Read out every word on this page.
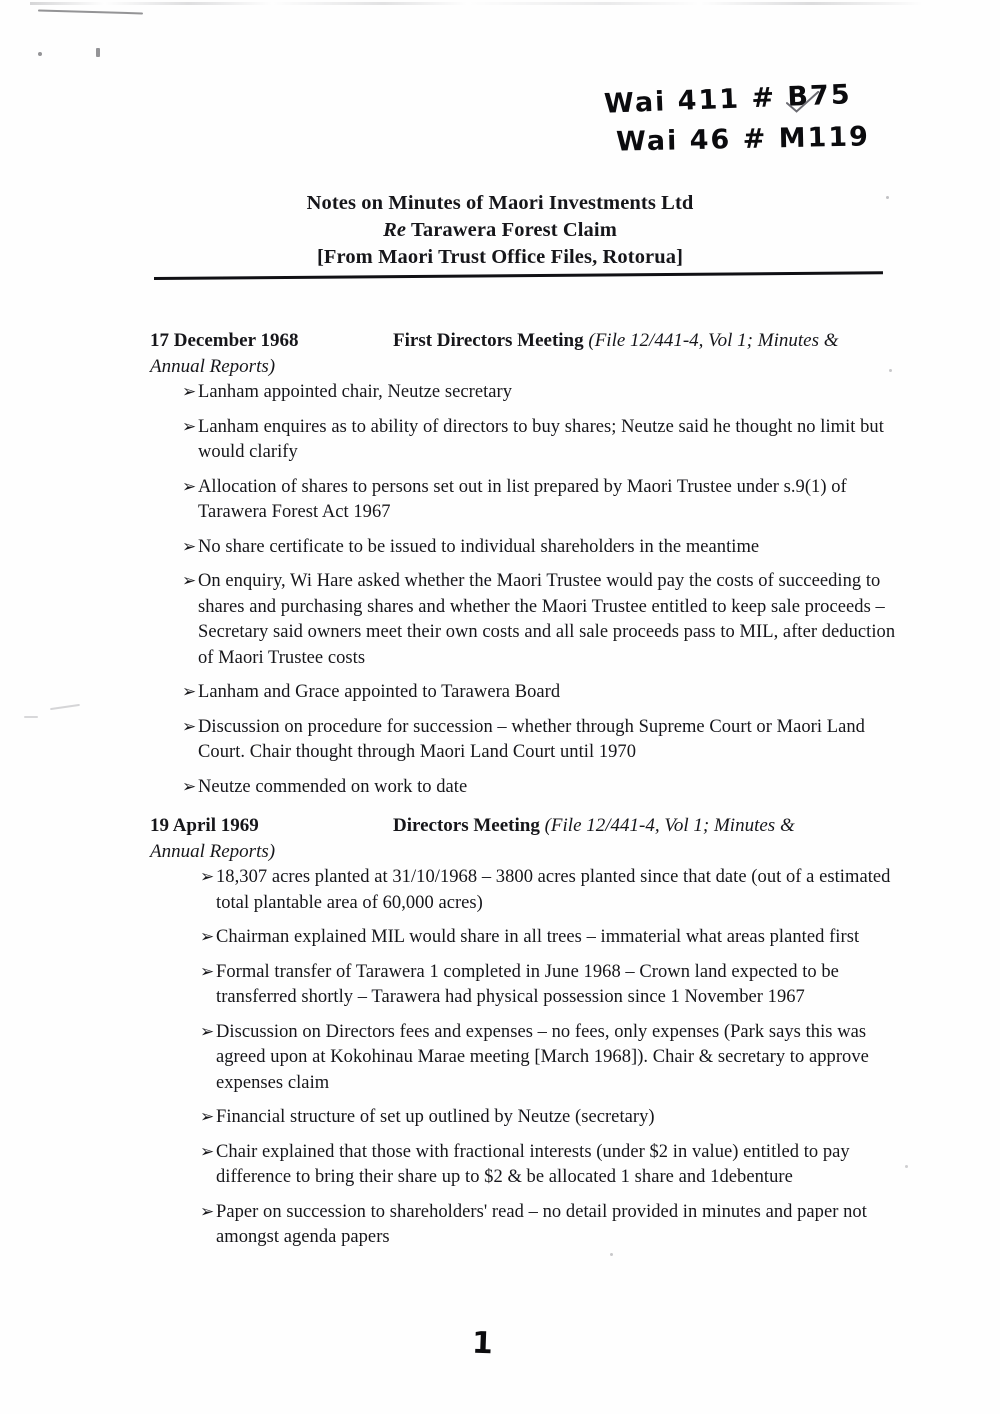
Wai 411 # B75
Wai 46 # M119
Notes on Minutes of Maori Investments Ltd
Re Tarawera Forest Claim
[From Maori Trust Office Files, Rotorua]
17 December 1968	First Directors Meeting (File 12/441-4, Vol 1; Minutes &
Annual Reports)
➢ Lanham appointed chair, Neutze secretary
➢ Lanham enquires as to ability of directors to buy shares; Neutze said he thought no limit but would clarify
➢ Allocation of shares to persons set out in list prepared by Maori Trustee under s.9(1) of Tarawera Forest Act 1967
➢ No share certificate to be issued to individual shareholders in the meantime
➢ On enquiry, Wi Hare asked whether the Maori Trustee would pay the costs of succeeding to shares and purchasing shares and whether the Maori Trustee entitled to keep sale proceeds – Secretary said owners meet their own costs and all sale proceeds pass to MIL, after deduction of Maori Trustee costs
➢ Lanham and Grace appointed to Tarawera Board
➢ Discussion on procedure for succession – whether through Supreme Court or Maori Land Court. Chair thought through Maori Land Court until 1970
➢ Neutze commended on work to date
19 April 1969	Directors Meeting (File 12/441-4, Vol 1; Minutes &
Annual Reports)
➢ 18,307 acres planted at 31/10/1968 – 3800 acres planted since that date (out of a estimated total plantable area of 60,000 acres)
➢ Chairman explained MIL would share in all trees – immaterial what areas planted first
➢ Formal transfer of Tarawera 1 completed in June 1968 – Crown land expected to be transferred shortly – Tarawera had physical possession since 1 November 1967
➢ Discussion on Directors fees and expenses – no fees, only expenses (Park says this was agreed upon at Kokohinau Marae meeting [March 1968]). Chair & secretary to approve expenses claim
➢ Financial structure of set up outlined by Neutze (secretary)
➢ Chair explained that those with fractional interests (under $2 in value) entitled to pay difference to bring their share up to $2 & be allocated 1 share and 1debenture
➢ Paper on succession to shareholders' read – no detail provided in minutes and paper not amongst agenda papers
1
